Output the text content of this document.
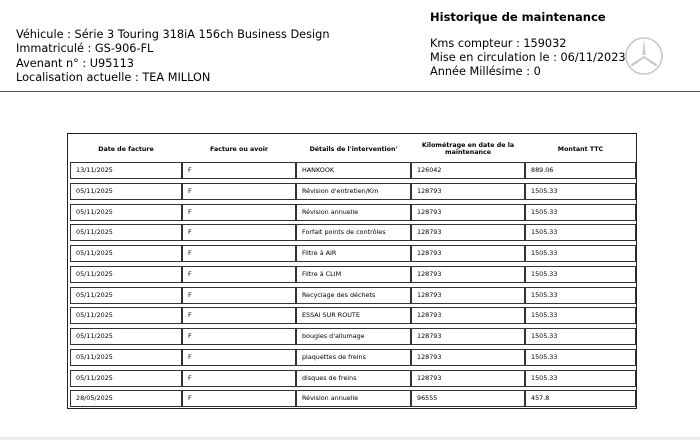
Véhicule : Série 3 Touring 318iA 156ch Business Design
Immatriculé : GS-906-FL
Avenant n° : U95113
Localisation actuelle : TEA MILLON
Historique de maintenance
Kms compteur : 159032
Mise en circulation le : 06/11/2023
Année Millésime : 0
Date de facture	Facture ou avoir	Détails de l'intervention'	Kilométrage en date de la maintenance	Montant TTC
13/11/2025	F	HANKOOK	126042	889.06
05/11/2025	F	Révision d'entretien/Km	128793	1505.33
05/11/2025	F	Révision annuelle	128793	1505.33
05/11/2025	F	Forfait points de contrôles	128793	1505.33
05/11/2025	F	Filtre à AIR	128793	1505.33
05/11/2025	F	Filtre à CLIM	128793	1505.33
05/11/2025	F	Recyclage des déchets	128793	1505.33
05/11/2025	F	ESSAI SUR ROUTE	128793	1505.33
05/11/2025	F	bougies d'allumage	128793	1505.33
05/11/2025	F	plaquettes de freins	128793	1505.33
05/11/2025	F	disques de freins	128793	1505.33
28/05/2025	F	Révision annuelle	96555	457.8
